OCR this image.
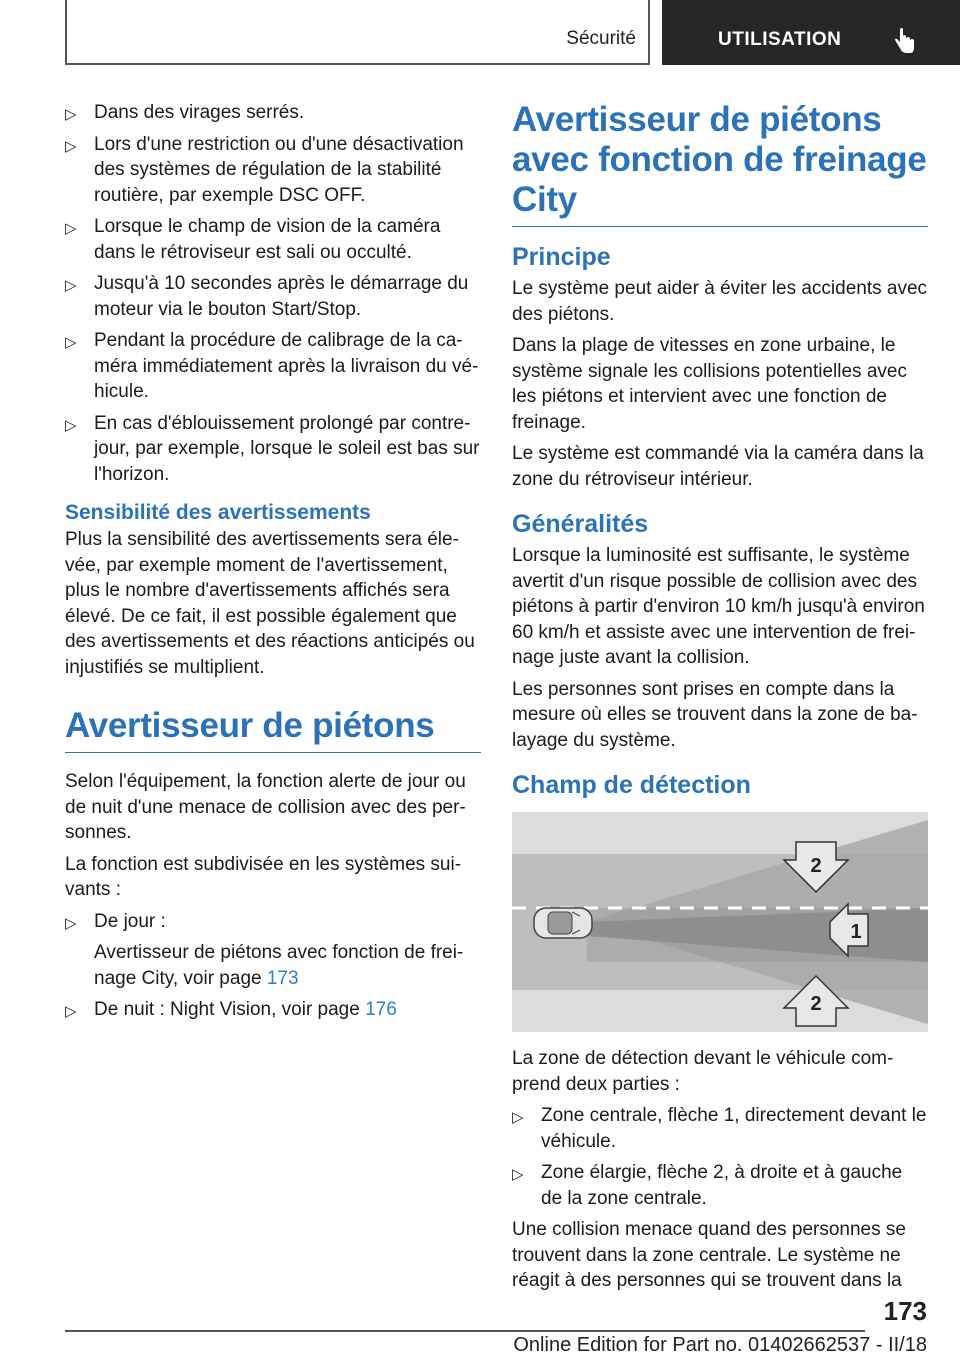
Sécurité	UTILISATION
▷ Dans des virages serrés.
▷ Lors d'une restriction ou d'une désactivation des systèmes de régulation de la stabilité routière, par exemple DSC OFF.
▷ Lorsque le champ de vision de la caméra dans le rétroviseur est sali ou occulté.
▷ Jusqu'à 10 secondes après le démarrage du moteur via le bouton Start/Stop.
▷ Pendant la procédure de calibrage de la ca-méra immédiatement après la livraison du vé-hicule.
▷ En cas d'éblouissement prolongé par contre-jour, par exemple, lorsque le soleil est bas sur l'horizon.
Sensibilité des avertissements

Plus la sensibilité des avertissements sera éle-vée, par exemple moment de l'avertissement, plus le nombre d'avertissements affichés sera élevé. De ce fait, il est possible également que des avertissements et des réactions anticipés ou injustifiés se multiplient.

Avertisseur de piétons

Selon l'équipement, la fonction alerte de jour ou de nuit d'une menace de collision avec des per-sonnes.

La fonction est subdivisée en les systèmes sui-vants :

▷ De jour :
Avertisseur de piétons avec fonction de frei-nage City, voir page 173
▷ De nuit : Night Vision, voir page 176
Avertisseur de piétons avec fonction de freinage City
Principe

Le système peut aider à éviter les accidents avec des piétons.

Dans la plage de vitesses en zone urbaine, le système signale les collisions potentielles avec les piétons et intervient avec une fonction de freinage.

Le système est commandé via la caméra dans la zone du rétroviseur intérieur.

Généralités

Lorsque la luminosité est suffisante, le système avertit d'un risque possible de collision avec des piétons à partir d'environ 10 km/h jusqu'à environ 60 km/h et assiste avec une intervention de frei-nage juste avant la collision.

Les personnes sont prises en compte dans la mesure où elles se trouvent dans la zone de ba-layage du système.

Champ de détection
2
1
2

La zone de détection devant le véhicule com-prend deux parties :

▷ Zone centrale, flèche 1, directement devant le véhicule.
▷ Zone élargie, flèche 2, à droite et à gauche de la zone centrale.

Une collision menace quand des personnes se trouvent dans la zone centrale. Le système ne réagit à des personnes qui se trouvent dans la

173
Online Edition for Part no. 01402662537 - II/18
